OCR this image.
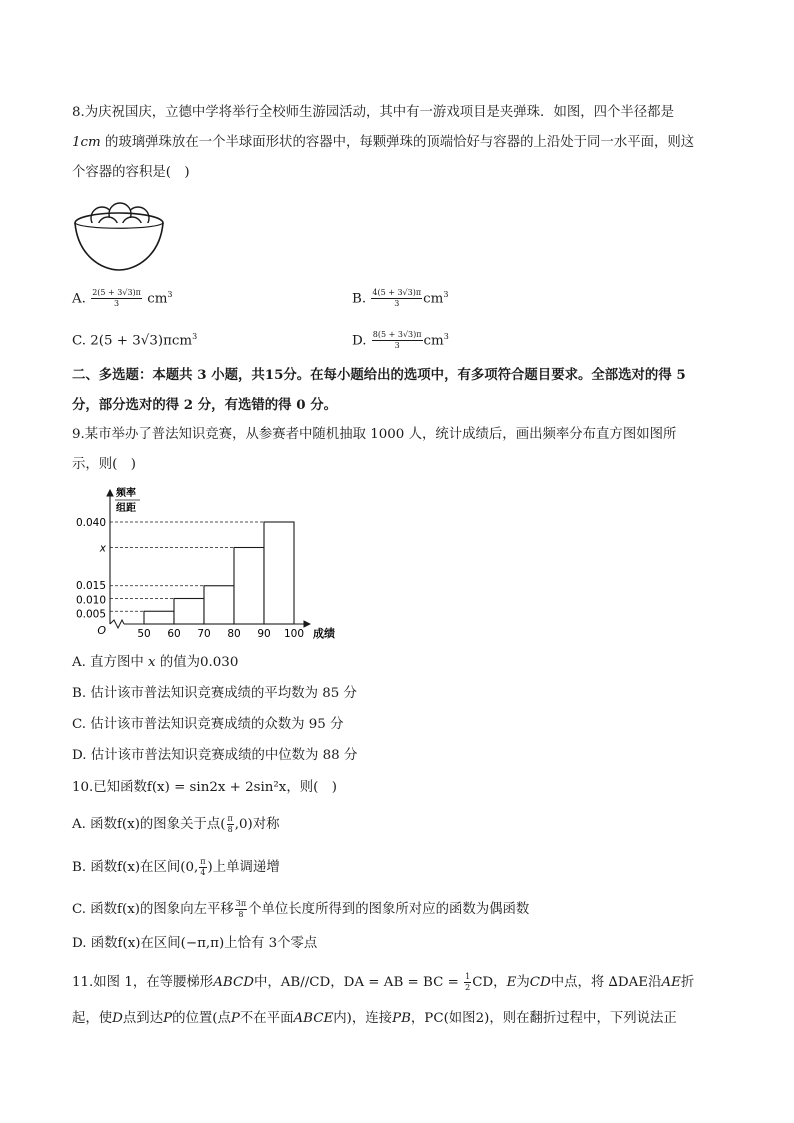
8.为庆祝国庆，立德中学将举行全校师生游园活动，其中有一游戏项目是夹弹珠．如图，四个半径都是
1cm 的玻璃弹珠放在一个半球面形状的容器中，每颗弹珠的顶端恰好与容器的上沿处于同一水平面，则这
个容器的容积是(　)
A. $\frac{2(5 + 3√3)\pi}{3} cm^3$	B. $\frac{4(5 + 3√3)\pi}{3} cm^3$
C. 2(5 + 3√3)πcm$^3$	D. $\frac{8(5 + 3√3)\pi}{3} cm^3$
二、多选题：本题共 3 小题，共15分。在每小题给出的选项中，有多项符合题目要求。全部选对的得 5
分，部分选对的得 2 分，有选错的得 0 分。
9.某市举办了普法知识竞赛，从参赛者中随机抽取 1000 人，统计成绩后，画出频率分布直方图如图所
示，则(　)
频率
组距
成绩
O	50 60 70 80 90 100
0.005
0.010
0.015
x
0.040
A. 直方图中 x 的值为0.030
B. 估计该市普法知识竞赛成绩的平均数为 85 分
C. 估计该市普法知识竞赛成绩的众数为 95 分
D. 估计该市普法知识竞赛成绩的中位数为 88 分
10.已知函数f(x) = sin2x + 2sin²x，则(　)
A. 函数f(x)的图象关于点( $\frac{\pi}{8} ,0$)对称
B. 函数f(x)在区间(0, $\frac{\pi}{4}$ )上单调递增
C. 函数f(x)的图象向左平移 $\frac{3\pi}{8}$ 个单位长度所得到的图象所对应的函数为偶函数
D. 函数f(x)在区间(−π,π)上恰有 3个零点
11.如图 1，在等腰梯形ABCD中，AB//CD，DA = AB = BC = $\frac{1}{2}$ CD，E为CD中点，将 ∆DAE沿AE折
起，使D点到达P的位置(点P不在平面ABCE内)，连接PB，PC(如图2)，则在翻折过程中，下列说法正
